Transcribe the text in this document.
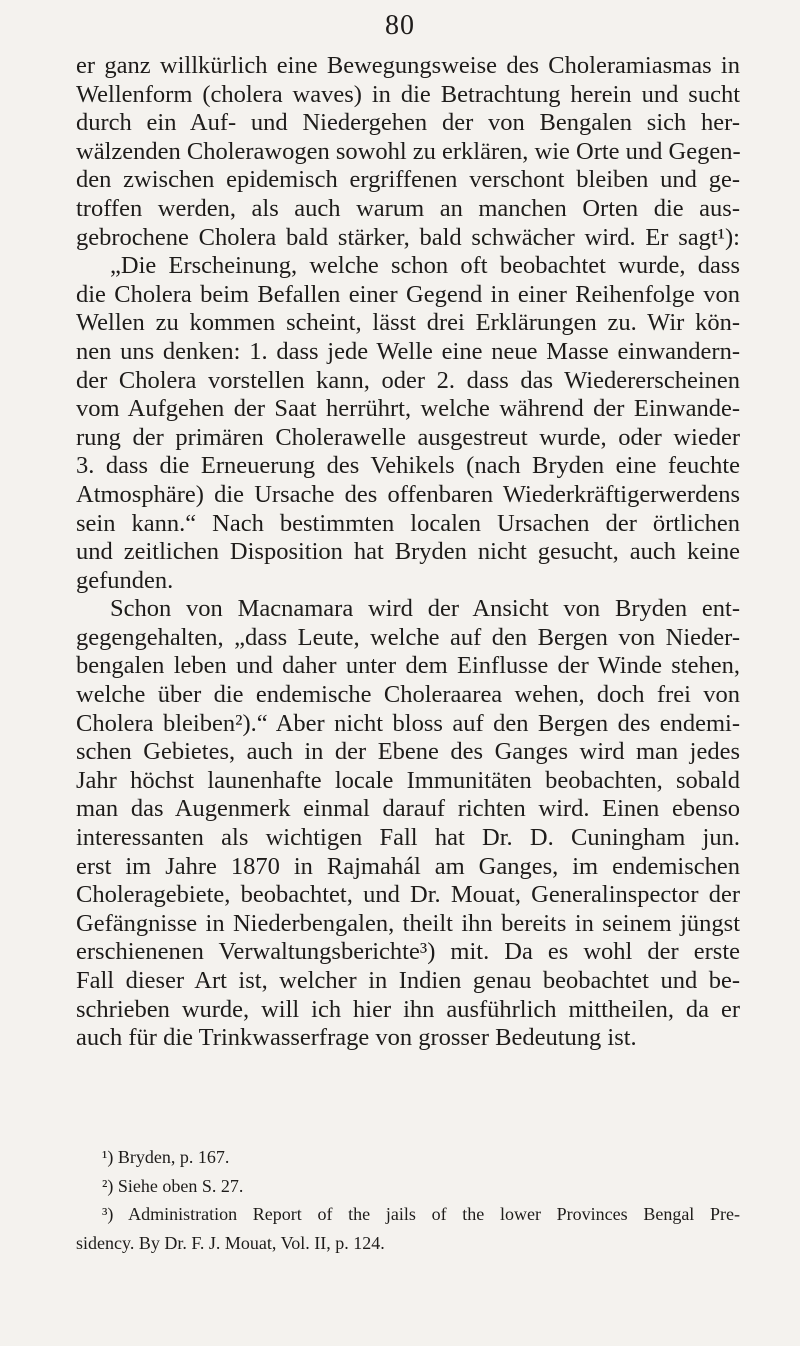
80
er ganz willkürlich eine Bewegungsweise des Choleramiasmas in
Wellenform (cholera waves) in die Betrachtung herein und sucht
durch ein Auf- und Niedergehen der von Bengalen sich her-
wälzenden Cholerawogen sowohl zu erklären, wie Orte und Gegen-
den zwischen epidemisch ergriffenen verschont bleiben und ge-
troffen werden, als auch warum an manchen Orten die aus-
gebrochene Cholera bald stärker, bald schwächer wird. Er sagt¹):
„Die Erscheinung, welche schon oft beobachtet wurde, dass
die Cholera beim Befallen einer Gegend in einer Reihenfolge von
Wellen zu kommen scheint, lässt drei Erklärungen zu. Wir kön-
nen uns denken: 1. dass jede Welle eine neue Masse einwandern-
der Cholera vorstellen kann, oder 2. dass das Wiedererscheinen
vom Aufgehen der Saat herrührt, welche während der Einwande-
rung der primären Cholerawelle ausgestreut wurde, oder wieder
3. dass die Erneuerung des Vehikels (nach Bryden eine feuchte
Atmosphäre) die Ursache des offenbaren Wiederkräftigerwerdens
sein kann.“ Nach bestimmten localen Ursachen der örtlichen
und zeitlichen Disposition hat Bryden nicht gesucht, auch keine
gefunden.
Schon von Macnamara wird der Ansicht von Bryden ent-
gegengehalten, „dass Leute, welche auf den Bergen von Nieder-
bengalen leben und daher unter dem Einflusse der Winde stehen,
welche über die endemische Choleraarea wehen, doch frei von
Cholera bleiben²).“ Aber nicht bloss auf den Bergen des endemi-
schen Gebietes, auch in der Ebene des Ganges wird man jedes
Jahr höchst launenhafte locale Immunitäten beobachten, sobald
man das Augenmerk einmal darauf richten wird. Einen ebenso
interessanten als wichtigen Fall hat Dr. D. Cuningham jun.
erst im Jahre 1870 in Rajmahál am Ganges, im endemischen
Choleragebiete, beobachtet, und Dr. Mouat, Generalinspector der
Gefängnisse in Niederbengalen, theilt ihn bereits in seinem jüngst
erschienenen Verwaltungsberichte³) mit. Da es wohl der erste
Fall dieser Art ist, welcher in Indien genau beobachtet und be-
schrieben wurde, will ich hier ihn ausführlich mittheilen, da er
auch für die Trinkwasserfrage von grosser Bedeutung ist.
¹) Bryden, p. 167.
²) Siehe oben S. 27.
³) Administration Report of the jails of the lower Provinces Bengal Pre-
sidency. By Dr. F. J. Mouat, Vol. II, p. 124.
